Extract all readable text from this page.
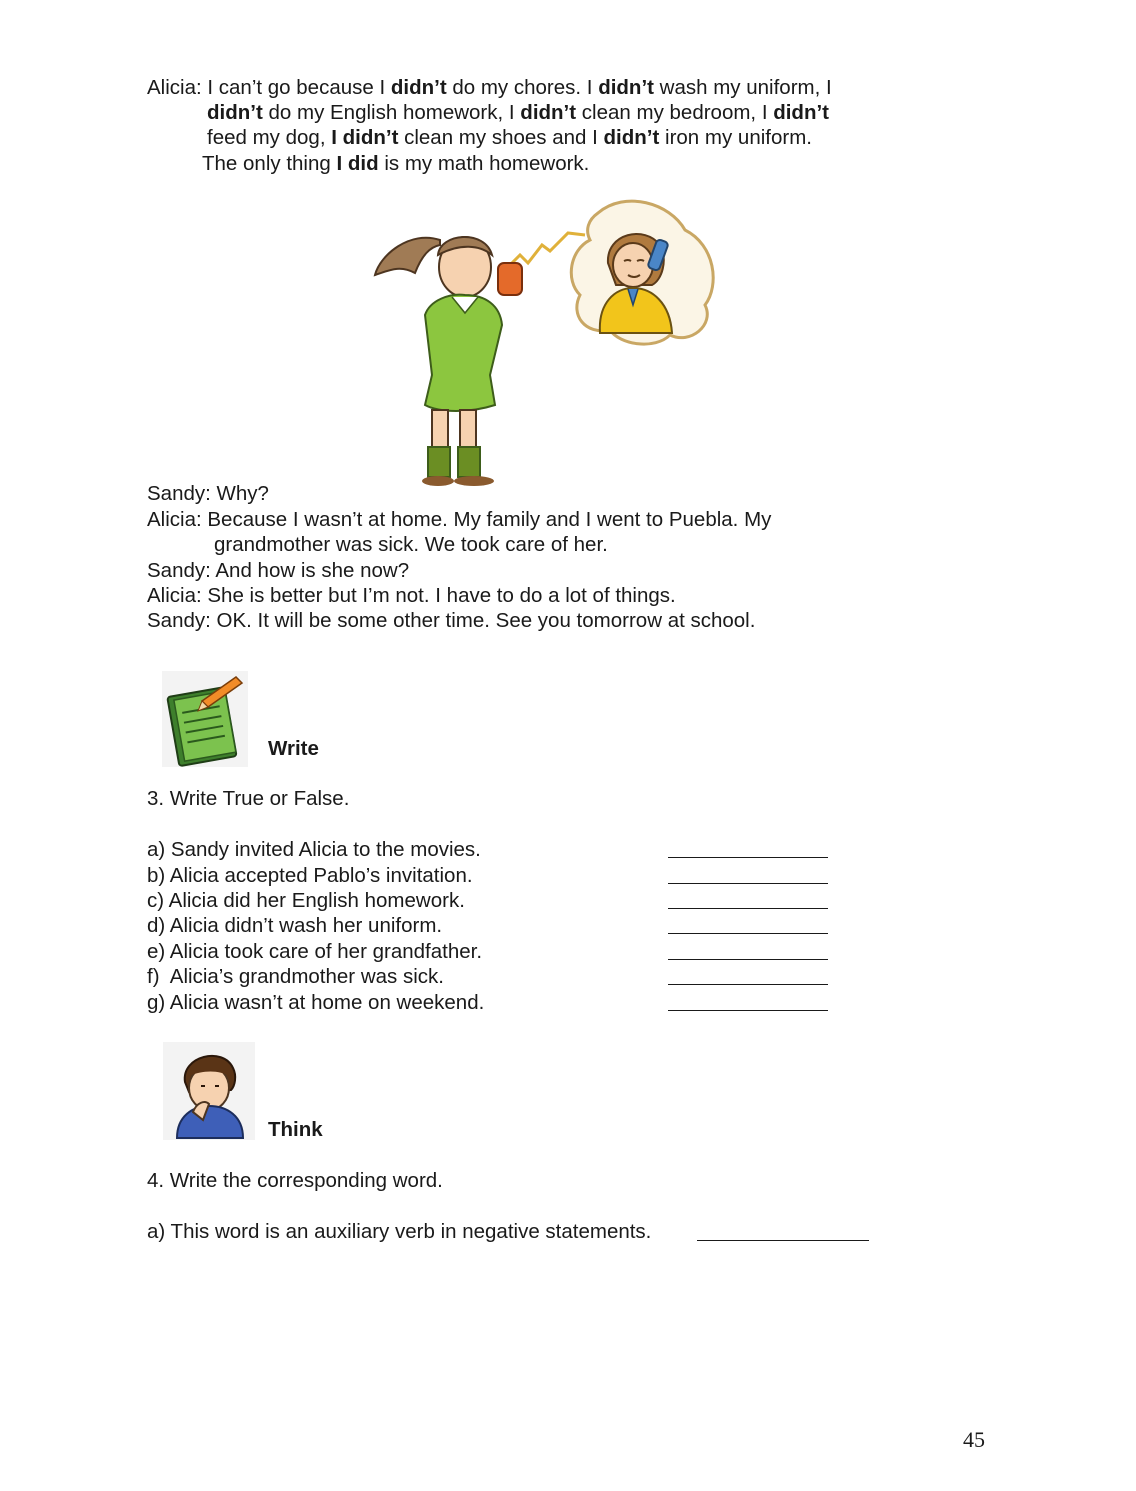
Alicia: I can’t go because I didn’t do my chores. I didn’t wash my uniform, I
didn’t do my English homework, I didn’t clean my bedroom, I didn’t
feed my dog, I didn’t clean my shoes and I didn’t iron my uniform.
The only thing I did is my math homework.
Sandy: Why?
Alicia: Because I wasn’t at home. My family and I went to Puebla. My
grandmother was sick. We took care of her.
Sandy: And how is she now?
Alicia: She is better but I’m not. I have to do a lot of things.
Sandy: OK. It will be some other time. See you tomorrow at school.
Write
3. Write True or False.
a) Sandy invited Alicia to the movies.
b) Alicia accepted Pablo’s invitation.
c) Alicia did her English homework.
d) Alicia didn’t wash her uniform.
e) Alicia took care of her grandfather.
f)  Alicia’s grandmother was sick.
g) Alicia wasn’t at home on weekend.
Think
4. Write the corresponding word.
a) This word is an auxiliary verb in negative statements.
45
